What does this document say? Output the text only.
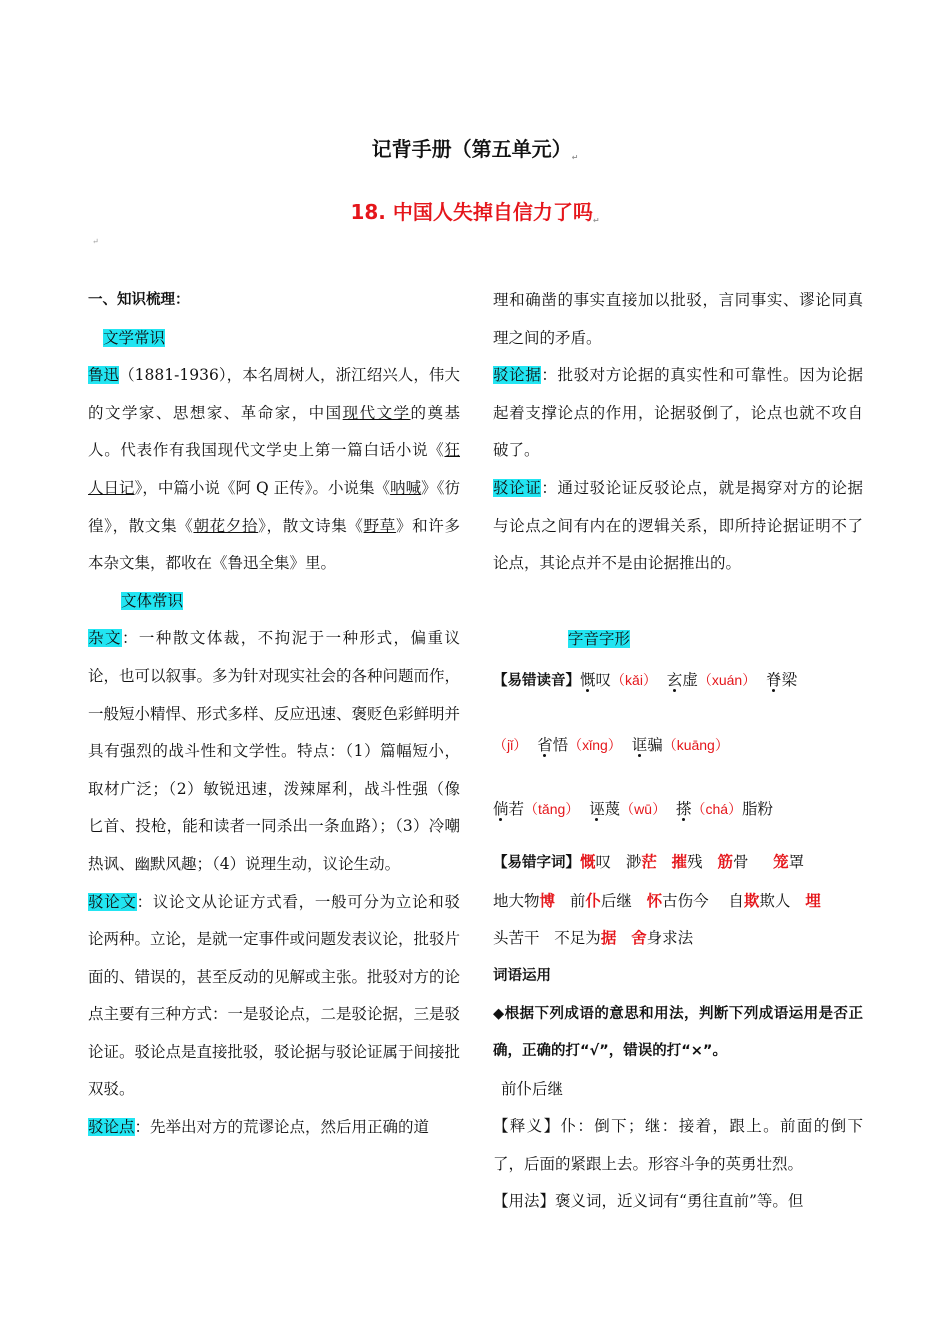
记背手册（第五单元）↵
18. 中国人失掉自信力了吗↵
↵
一、知识梳理：
文学常识

鲁迅（1881-1936），本名周树人，浙江绍兴人，伟大的文学家、思想家、革命家，中国现代文学的奠基人。代表作有我国现代文学史上第一篇白话小说《狂人日记》，中篇小说《阿 Q 正传》。小说集《呐喊》《彷徨》，散文集《朝花夕拾》，散文诗集《野草》和许多本杂文集，都收在《鲁迅全集》里。

文体常识

杂文：一种散文体裁，不拘泥于一种形式，偏重议论，也可以叙事。多为针对现实社会的各种问题而作，一般短小精悍、形式多样、反应迅速、褒贬色彩鲜明并具有强烈的战斗性和文学性。特点：（1）篇幅短小，取材广泛；（2）敏锐迅速，泼辣犀利，战斗性强（像匕首、投枪，能和读者一同杀出一条血路）；（3）冷嘲热讽、幽默风趣；（4）说理生动，议论生动。

驳论文：议论文从论证方式看，一般可分为立论和驳论两种。立论，是就一定事件或问题发表议论，批驳片面的、错误的，甚至反动的见解或主张。批驳对方的论点主要有三种方式：一是驳论点，二是驳论据，三是驳论证。驳论点是直接批驳，驳论据与驳论证属于间接批双驳。

驳论点：先举出对方的荒谬论点，然后用正确的道

理和确凿的事实直接加以批驳，言同事实、谬论同真理之间的矛盾。

驳论据：批驳对方论据的真实性和可靠性。因为论据起着支撑论点的作用，论据驳倒了，论点也就不攻自破了。

驳论证：通过驳论证反驳论点，就是揭穿对方的论据与论点之间有内在的逻辑关系，即所持论据证明不了论点，其论点并不是由论据推出的。

字音字形
【易错读音】慨叹（kǎi） 玄虚（xuán） 脊梁
（jǐ） 省悟（xǐng） 诓骗（kuāng）
倘若（tǎng） 诬蔑（wū） 搽（chá）脂粉
【易错字词】慨叹 渺茫 摧残 筋骨 笼罩
地大物博 前仆后继 怀古伤今 自欺欺人 埋
头苦干 不足为据 舍身求法
词语运用

◆根据下列成语的意思和用法，判断下列成语运用是否正确，正确的打“√”，错误的打“×”。

前仆后继

【释义】仆：倒下；继：接着，跟上。前面的倒下了，后面的紧跟上去。形容斗争的英勇壮烈。

【用法】褒义词，近义词有“勇往直前”等。但
